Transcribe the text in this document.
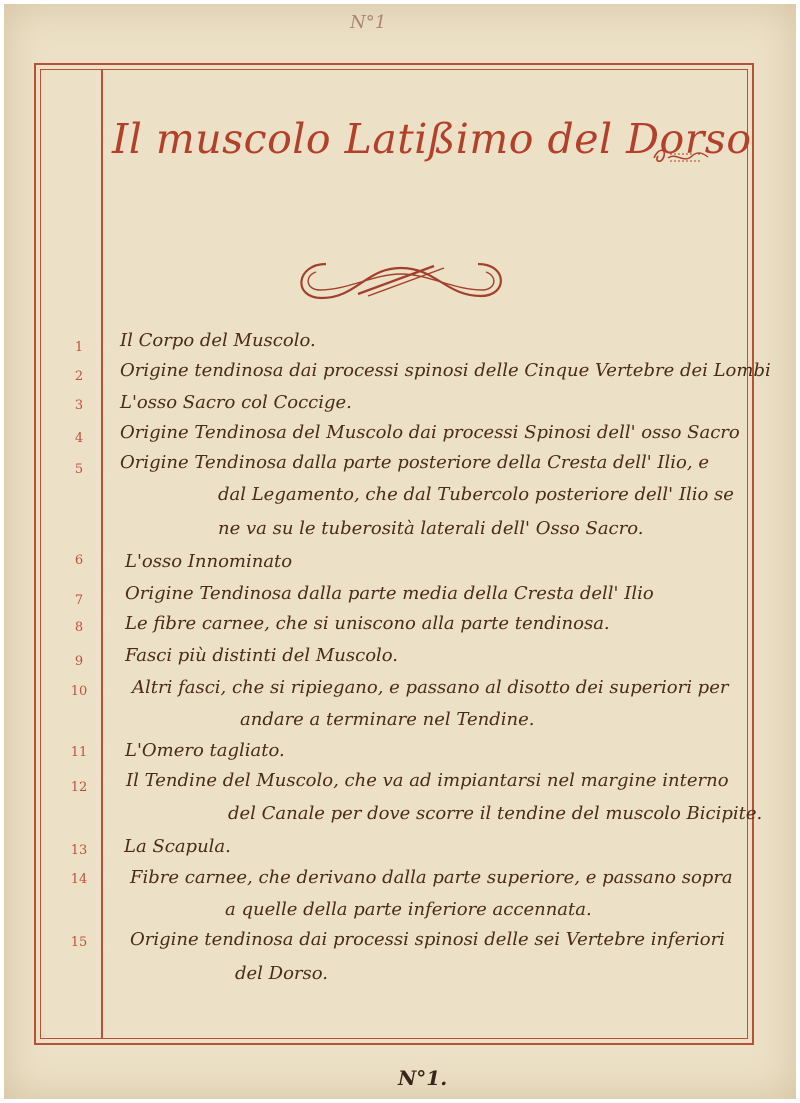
N°1
Il muscolo Latißimo del Dorso
1	Il Corpo del Muscolo.
2	Origine tendinosa dai processi spinosi delle Cinque Vertebre dei Lombi
3	L'osso Sacro col Coccige.
4	Origine Tendinosa del Muscolo dai processi Spinosi dell' osso Sacro
5	Origine Tendinosa dalla parte posteriore della Cresta dell' Ilio, e
dal Legamento, che dal Tubercolo posteriore dell' Ilio se
ne va su le tuberosità laterali dell' Osso Sacro.
6	L'osso Innominato
7	Origine Tendinosa dalla parte media della Cresta dell' Ilio
8	Le fibre carnee, che si uniscono alla parte tendinosa.
9	Fasci più distinti del Muscolo.
10	Altri fasci, che si ripiegano, e passano al disotto dei superiori per
andare a terminare nel Tendine.
11	L'Omero tagliato.
12	Il Tendine del Muscolo, che va ad impiantarsi nel margine interno
del Canale per dove scorre il tendine del muscolo Bicipite.
13	La Scapula.
14	Fibre carnee, che derivano dalla parte superiore, e passano sopra
a quelle della parte inferiore accennata.
15	Origine tendinosa dai processi spinosi delle sei Vertebre inferiori
del Dorso.
N°1.
